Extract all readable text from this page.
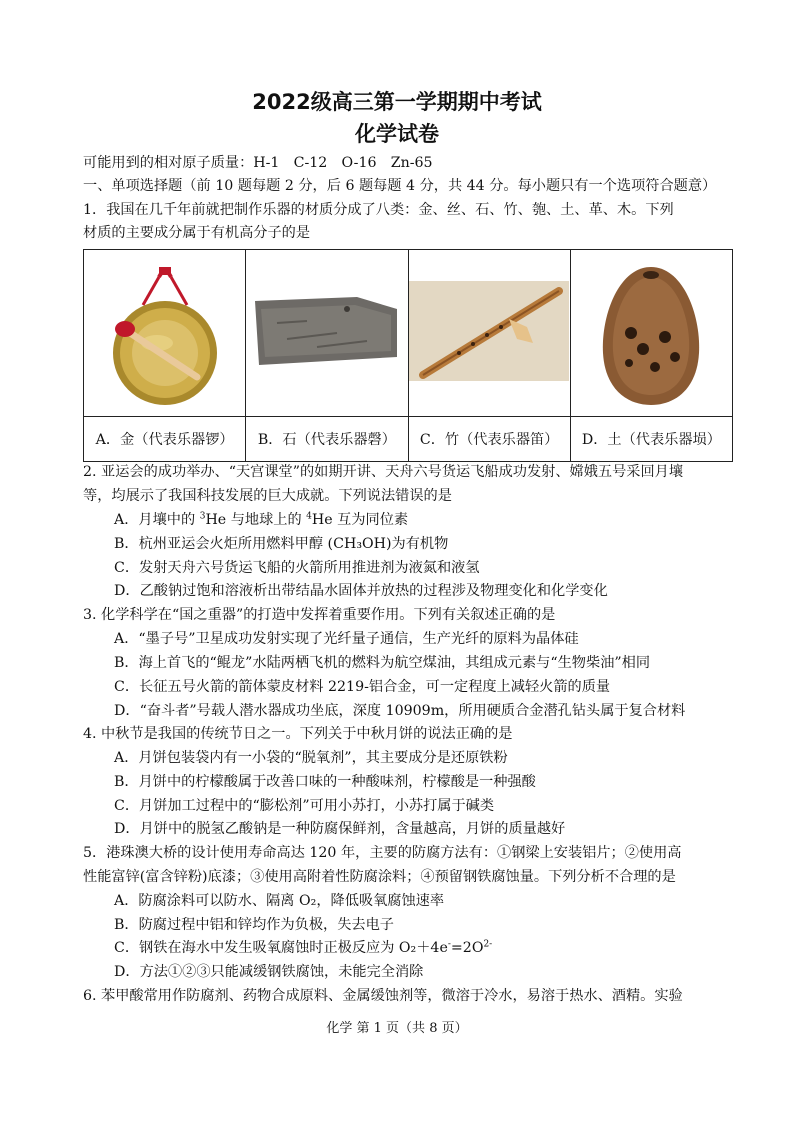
2022级高三第一学期期中考试
化学试卷
可能用到的相对原子质量：H-1　C-12　O-16　Zn-65
一、单项选择题（前 10 题每题 2 分，后 6 题每题 4 分，共 44 分。每小题只有一个选项符合题意）
1．我国在几千年前就把制作乐器的材质分成了八类：金、丝、石、竹、匏、土、革、木。下列
材质的主要成分属于有机高分子的是

A．金（代表乐器锣）	B．石（代表乐器磬）	C．竹（代表乐器笛）	D．土（代表乐器埙）
2. 亚运会的成功举办、“天宫课堂”的如期开讲、天舟六号货运飞船成功发射、嫦娥五号采回月壤
等，均展示了我国科技发展的巨大成就。下列说法错误的是
A．月壤中的 $^3$He 与地球上的 $^4$He 互为同位素
B．杭州亚运会火炬所用燃料甲醇 (CH₃OH)为有机物
C．发射天舟六号货运飞船的火箭所用推进剂为液氮和液氢
D．乙酸钠过饱和溶液析出带结晶水固体并放热的过程涉及物理变化和化学变化
3. 化学科学在“国之重器”的打造中发挥着重要作用。下列有关叙述正确的是
A．“墨子号”卫星成功发射实现了光纤量子通信，生产光纤的原料为晶体硅
B．海上首飞的“鲲龙”水陆两栖飞机的燃料为航空煤油，其组成元素与“生物柴油”相同
C．长征五号火箭的箭体蒙皮材料 2219-铝合金，可一定程度上减轻火箭的质量
D．“奋斗者”号载人潜水器成功坐底，深度 10909m，所用硬质合金潜孔钻头属于复合材料
4. 中秋节是我国的传统节日之一。下列关于中秋月饼的说法正确的是
A．月饼包装袋内有一小袋的“脱氧剂”，其主要成分是还原铁粉
B．月饼中的柠檬酸属于改善口味的一种酸味剂，柠檬酸是一种强酸
C．月饼加工过程中的“膨松剂”可用小苏打，小苏打属于碱类
D．月饼中的脱氢乙酸钠是一种防腐保鲜剂，含量越高，月饼的质量越好
5．港珠澳大桥的设计使用寿命高达 120 年，主要的防腐方法有：①钢梁上安装铝片；②使用高
性能富锌(富含锌粉)底漆；③使用高附着性防腐涂料；④预留钢铁腐蚀量。下列分析不合理的是
A．防腐涂料可以防水、隔离 O₂，降低吸氧腐蚀速率
B．防腐过程中铝和锌均作为负极，失去电子
C．钢铁在海水中发生吸氧腐蚀时正极反应为 $O_2+4e^-=2O^{2-}$
D．方法①②③只能减缓钢铁腐蚀，未能完全消除
6. 苯甲酸常用作防腐剂、药物合成原料、金属缓蚀剂等，微溶于冷水，易溶于热水、酒精。实验
化学 第 1 页（共 8 页）
